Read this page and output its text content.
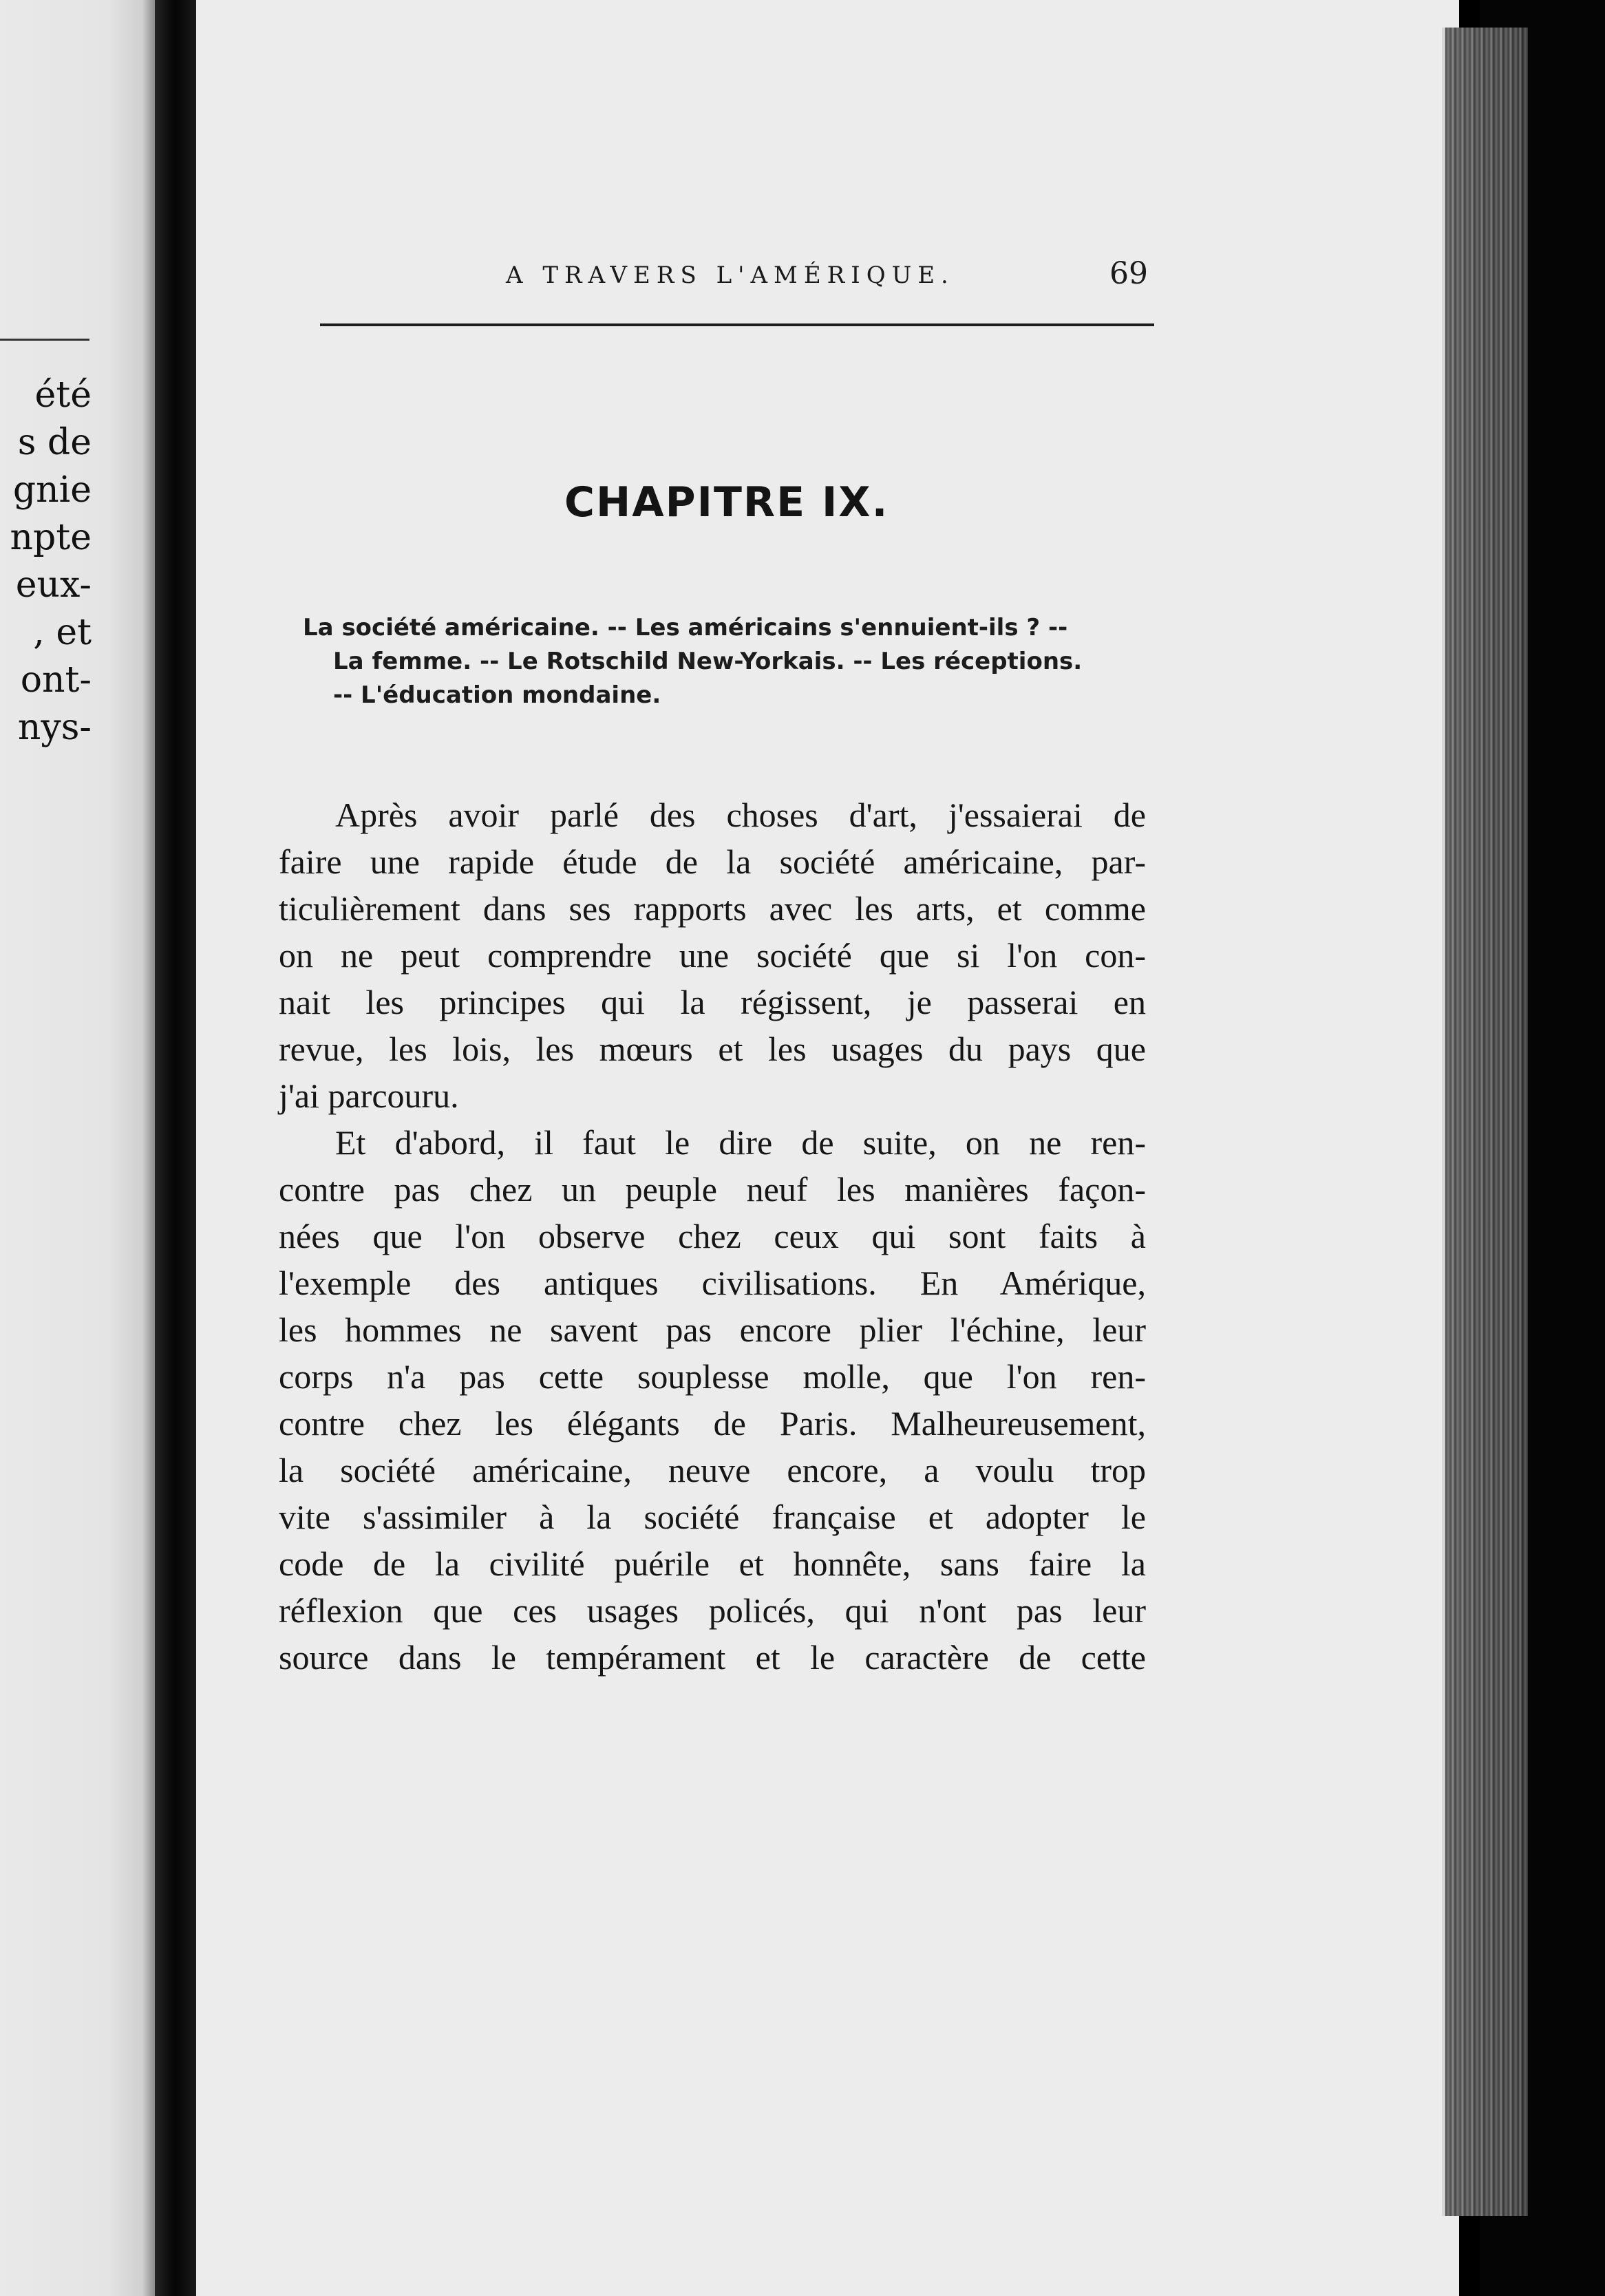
été
s de
gnie
npte
eux-
, et
ont-
nys-
A TRAVERS L'AMÉRIQUE.	69
CHAPITRE IX.
La société américaine. -- Les américains s'ennuient-ils ? --
La femme. -- Le Rotschild New-Yorkais. -- Les réceptions.
-- L'éducation mondaine.
Après avoir parlé des choses d'art, j'essaierai de
faire une rapide étude de la société américaine, par-
ticulièrement dans ses rapports avec les arts, et comme
on ne peut comprendre une société que si l'on con-
nait les principes qui la régissent, je passerai en
revue, les lois, les mœurs et les usages du pays que
j'ai parcouru.
Et d'abord, il faut le dire de suite, on ne ren-
contre pas chez un peuple neuf les manières façon-
nées que l'on observe chez ceux qui sont faits à
l'exemple des antiques civilisations. En Amérique,
les hommes ne savent pas encore plier l'échine, leur
corps n'a pas cette souplesse molle, que l'on ren-
contre chez les élégants de Paris. Malheureusement,
la société américaine, neuve encore, a voulu trop
vite s'assimiler à la société française et adopter le
code de la civilité puérile et honnête, sans faire la
réflexion que ces usages policés, qui n'ont pas leur
source dans le tempérament et le caractère de cette
